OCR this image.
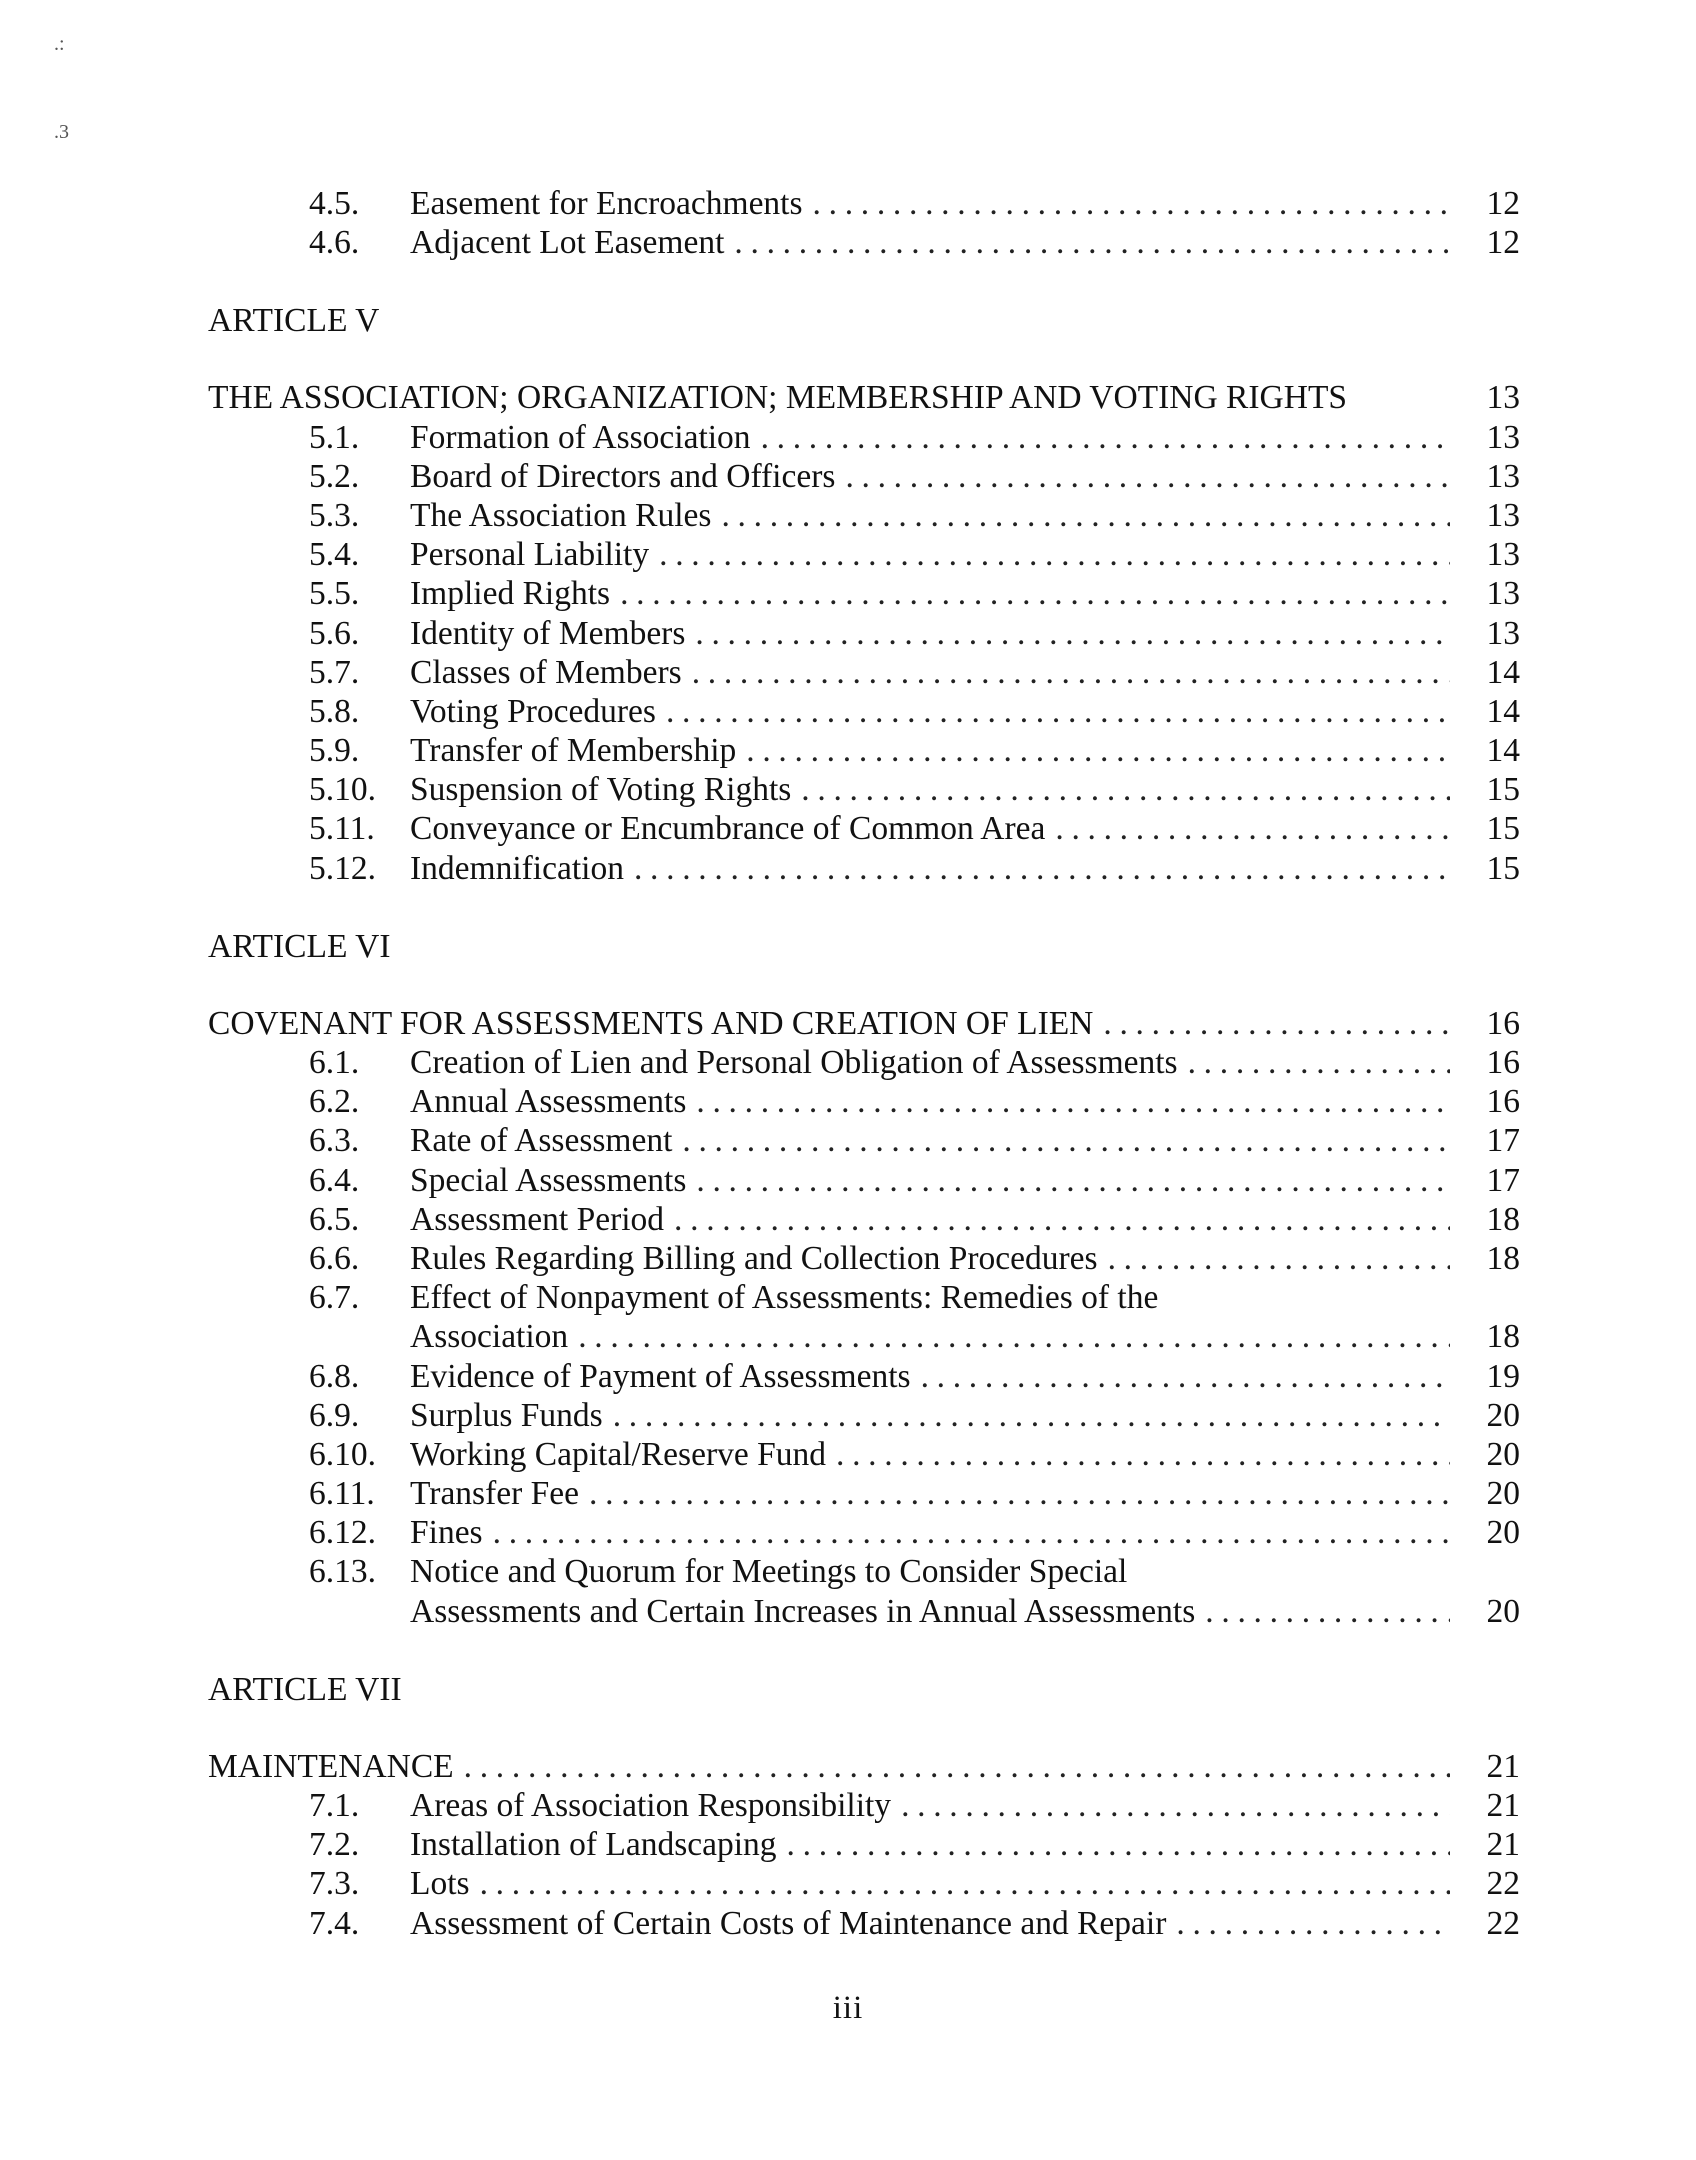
.:
.3
4.5. Easement for Encroachments . . .	12
4.6. Adjacent Lot Easement . . .	12
ARTICLE V
THE ASSOCIATION; ORGANIZATION; MEMBERSHIP AND VOTING RIGHTS	13
5.1. Formation of Association . . .	13
5.2. Board of Directors and Officers . . .	13
5.3. The Association Rules . . .	13
5.4. Personal Liability . . .	13
5.5. Implied Rights . . .	13
5.6. Identity of Members . . .	13
5.7. Classes of Members . . .	14
5.8. Voting Procedures . . .	14
5.9. Transfer of Membership . . .	14
5.10. Suspension of Voting Rights . . .	15
5.11. Conveyance or Encumbrance of Common Area . . .	15
5.12. Indemnification . . .	15
ARTICLE VI
COVENANT FOR ASSESSMENTS AND CREATION OF LIEN . . .	16
6.1. Creation of Lien and Personal Obligation of Assessments . . .	16
6.2. Annual Assessments . . .	16
6.3. Rate of Assessment . . .	17
6.4. Special Assessments . . .	17
6.5. Assessment Period . . .	18
6.6. Rules Regarding Billing and Collection Procedures . . .	18
6.7. Effect of Nonpayment of Assessments: Remedies of the
Association . . .	18
6.8. Evidence of Payment of Assessments . . .	19
6.9. Surplus Funds . . .	20
6.10. Working Capital/Reserve Fund . . .	20
6.11. Transfer Fee . . .	20
6.12. Fines . . .	20
6.13. Notice and Quorum for Meetings to Consider Special
Assessments and Certain Increases in Annual Assessments . . .	20
ARTICLE VII
MAINTENANCE . . .	21
7.1. Areas of Association Responsibility . . .	21
7.2. Installation of Landscaping . . .	21
7.3. Lots . . .	22
7.4. Assessment of Certain Costs of Maintenance and Repair . . .	22
iii
